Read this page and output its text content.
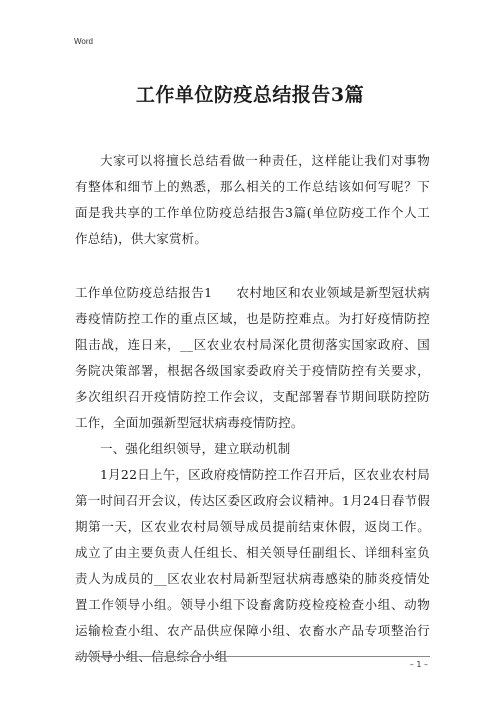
Word
工作单位防疫总结报告3篇

大家可以将擅长总结看做一种责任，这样能让我们对事物有整体和细节上的熟悉，那么相关的工作总结该如何写呢？下面是我共享的工作单位防疫总结报告3篇(单位防疫工作个人工作总结)，供大家赏析。

工作单位防疫总结报告1 农村地区和农业领域是新型冠状病毒疫情防控工作的重点区域，也是防控难点。为打好疫情防控阻击战，连日来，__区农业农村局深化贯彻落实国家政府、国务院决策部署，根据各级国家委政府关于疫情防控有关要求，多次组织召开疫情防控工作会议，支配部署春节期间联防控防工作，全面加强新型冠状病毒疫情防控。

一、强化组织领导，建立联动机制

1月22日上午，区政府疫情防控工作召开后，区农业农村局第一时间召开会议，传达区委区政府会议精神。1月24日春节假期第一天，区农业农村局领导成员提前结束休假，返岗工作。成立了由主要负责人任组长、相关领导任副组长、详细科室负责人为成员的__区农业农村局新型冠状病毒感染的肺炎疫情处置工作领导小组。领导小组下设畜禽防疫检疫检查小组、动物运输检查小组、农产品供应保障小组、农畜水产品专项整治行动领导小组、信息综合小组

– 1 –
